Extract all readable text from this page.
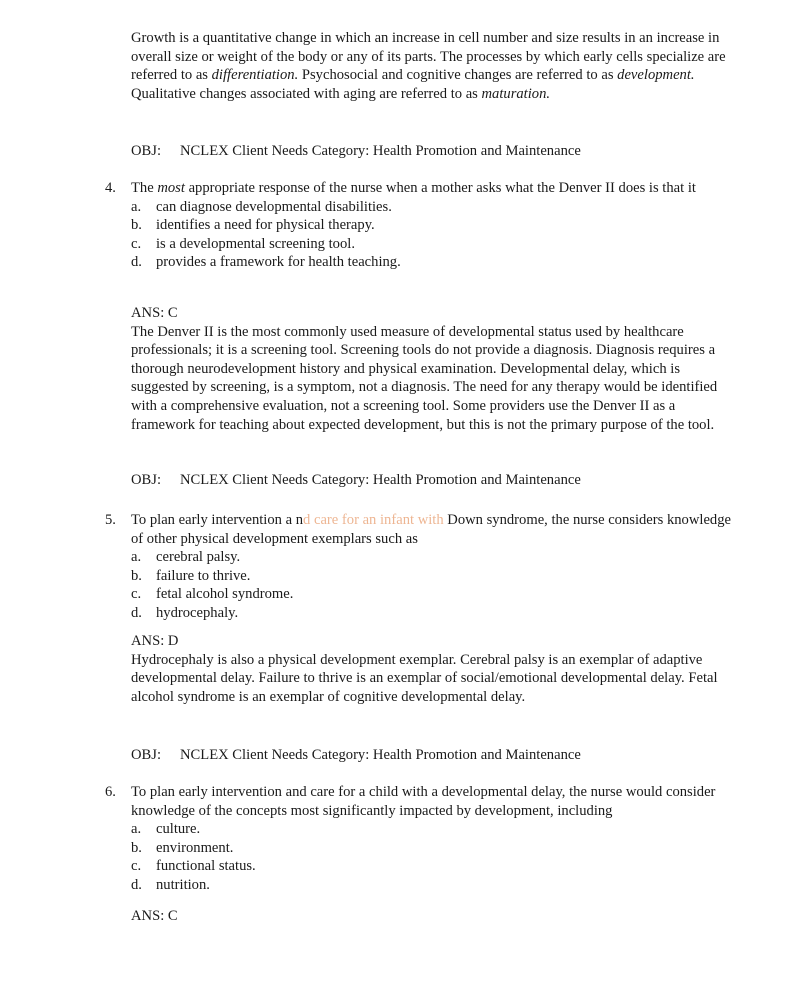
Growth is a quantitative change in which an increase in cell number and size results in an increase in overall size or weight of the body or any of its parts. The processes by which early cells specialize are referred to as differentiation. Psychosocial and cognitive changes are referred to as development. Qualitative changes associated with aging are referred to as maturation.

OBJ: NCLEX Client Needs Category: Health Promotion and Maintenance
4. The most appropriate response of the nurse when a mother asks what the Denver II does is that it
a. can diagnose developmental disabilities.
b. identifies a need for physical therapy.
c. is a developmental screening tool.
d. provides a framework for health teaching.

ANS: C

The Denver II is the most commonly used measure of developmental status used by healthcare professionals; it is a screening tool. Screening tools do not provide a diagnosis. Diagnosis requires a thorough neurodevelopment history and physical examination. Developmental delay, which is suggested by screening, is a symptom, not a diagnosis. The need for any therapy would be identified with a comprehensive evaluation, not a screening tool. Some providers use the Denver II as a framework for teaching about expected development, but this is not the primary purpose of the tool.

OBJ: NCLEX Client Needs Category: Health Promotion and Maintenance
5. To plan early intervention a nd care for an infant with Down syndrome, the nurse considers knowledge of other physical development exemplars such as
a. cerebral palsy.
b. failure to thrive.
c. fetal alcohol syndrome.
d. hydrocephaly.

ANS: D

Hydrocephaly is also a physical development exemplar. Cerebral palsy is an exemplar of adaptive developmental delay. Failure to thrive is an exemplar of social/emotional developmental delay. Fetal alcohol syndrome is an exemplar of cognitive developmental delay.

OBJ: NCLEX Client Needs Category: Health Promotion and Maintenance
6. To plan early intervention and care for a child with a developmental delay, the nurse would consider knowledge of the concepts most significantly impacted by development, including
a. culture.
b. environment.
c. functional status.
d. nutrition.

ANS: C
